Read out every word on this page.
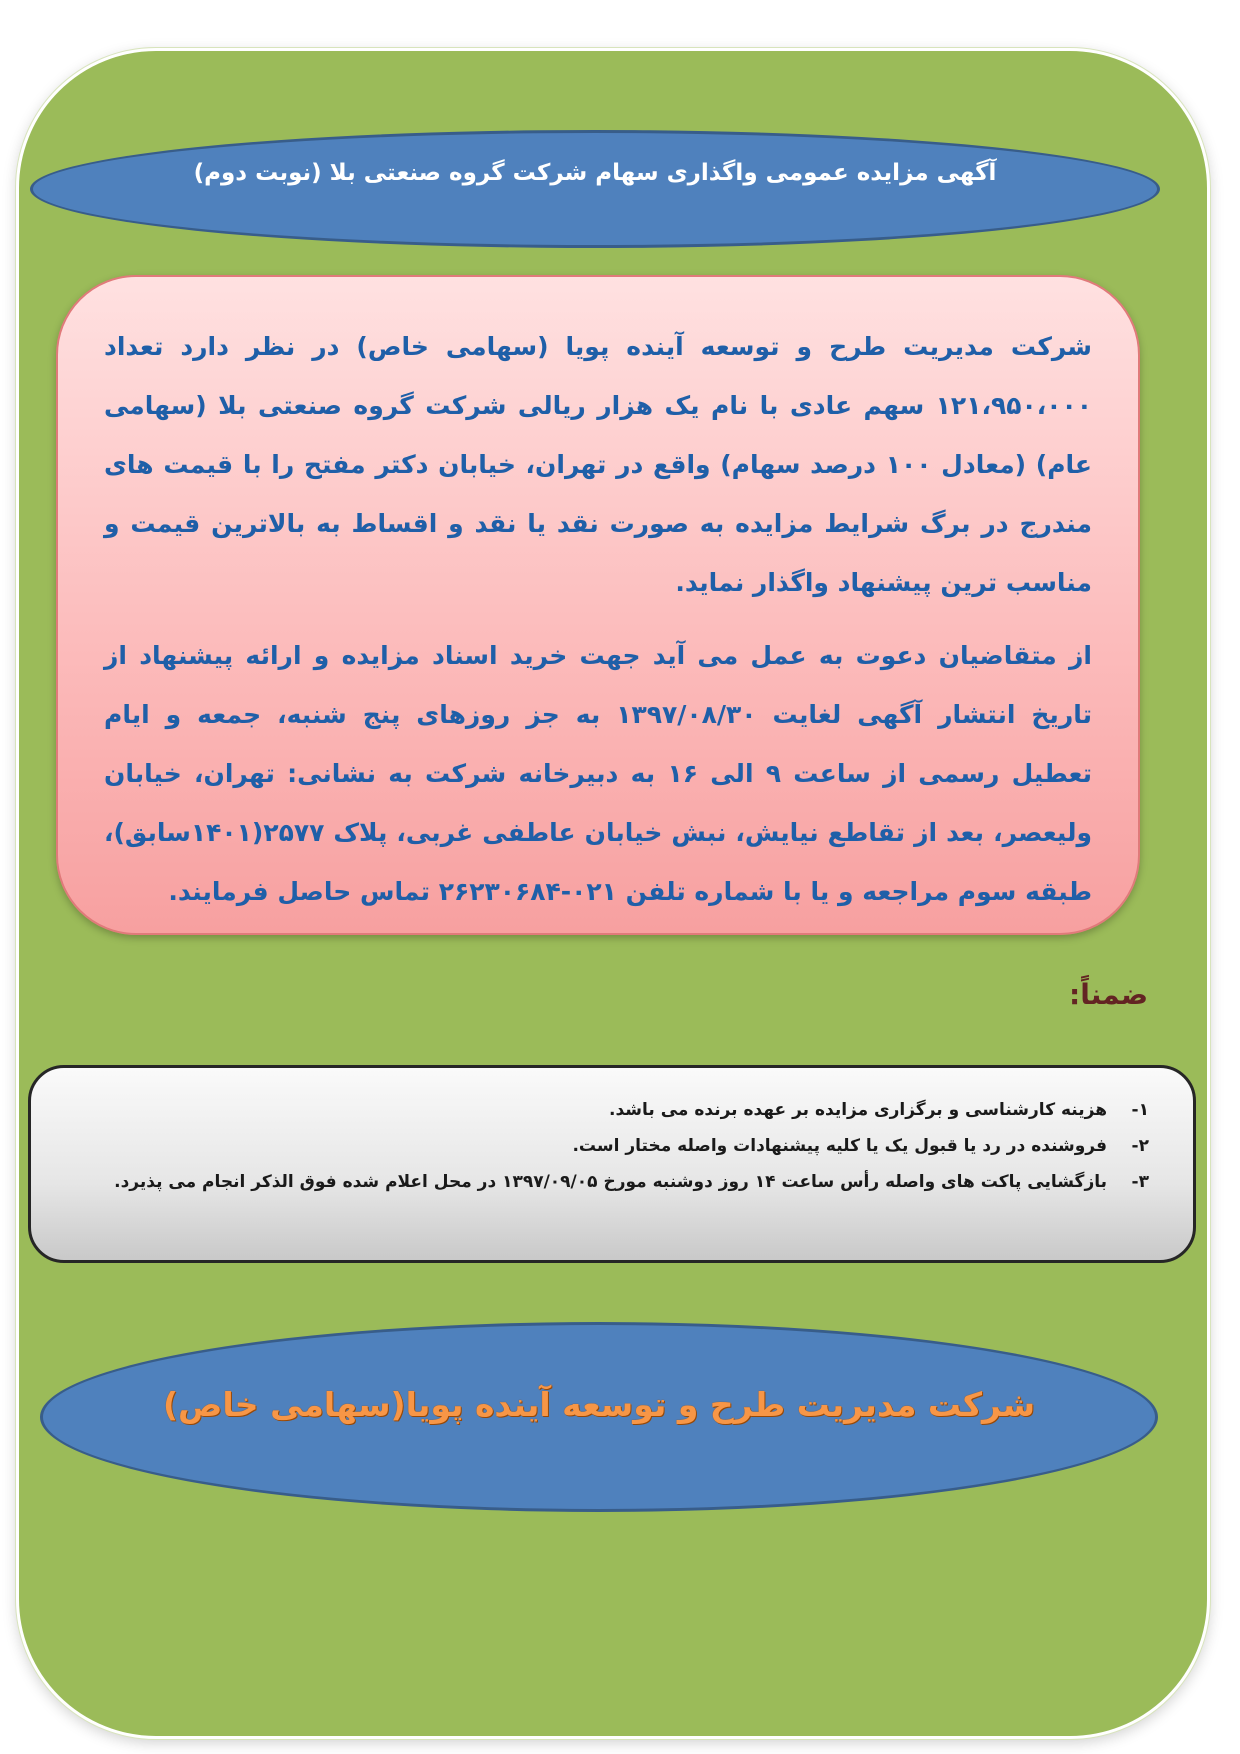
آگهی مزایده عمومی واگذاری سهام شرکت گروه صنعتی بلا (نوبت دوم)

شرکت مدیریت طرح و توسعه آینده پویا (سهامی خاص) در نظر دارد تعداد ۱۲۱،۹۵۰،۰۰۰ سهم عادی با نام یک هزار ریالی شرکت گروه صنعتی بلا (سهامی عام) (معادل ۱۰۰ درصد سهام) واقع در تهران، خیابان دکتر مفتح را با قیمت های مندرج در برگ شرایط مزایده به صورت نقد یا نقد و اقساط به بالاترین قیمت و مناسب ترین پیشنهاد واگذار نماید.

از متقاضیان دعوت به عمل می آید جهت خرید اسناد مزایده و ارائه پیشنهاد از تاریخ انتشار آگهی لغایت ۱۳۹۷/۰۸/۳۰ به جز روزهای پنج شنبه، جمعه و ایام تعطیل رسمی از ساعت ۹ الی ۱۶ به دبیرخانه شرکت به نشانی: تهران، خیابان ولیعصر، بعد از تقاطع نیایش، نبش خیابان عاطفی غربی، پلاک ۲۵۷۷(۱۴۰۱سابق)، طبقه سوم مراجعه و یا با شماره تلفن ۰۲۱-۲۶۲۳۰۶۸۴ تماس حاصل فرمایند.

ضمناً:
۱-
هزینه کارشناسی و برگزاری مزایده بر عهده برنده می باشد.
۲-
فروشنده در رد یا قبول یک یا کلیه پیشنهادات واصله مختار است.
۳-
بازگشایی پاکت های واصله رأس ساعت ۱۴ روز دوشنبه مورخ ۱۳۹۷/۰۹/۰۵ در محل اعلام شده فوق الذکر انجام می پذیرد.
شرکت مدیریت طرح و توسعه آینده پویا(سهامی خاص)
